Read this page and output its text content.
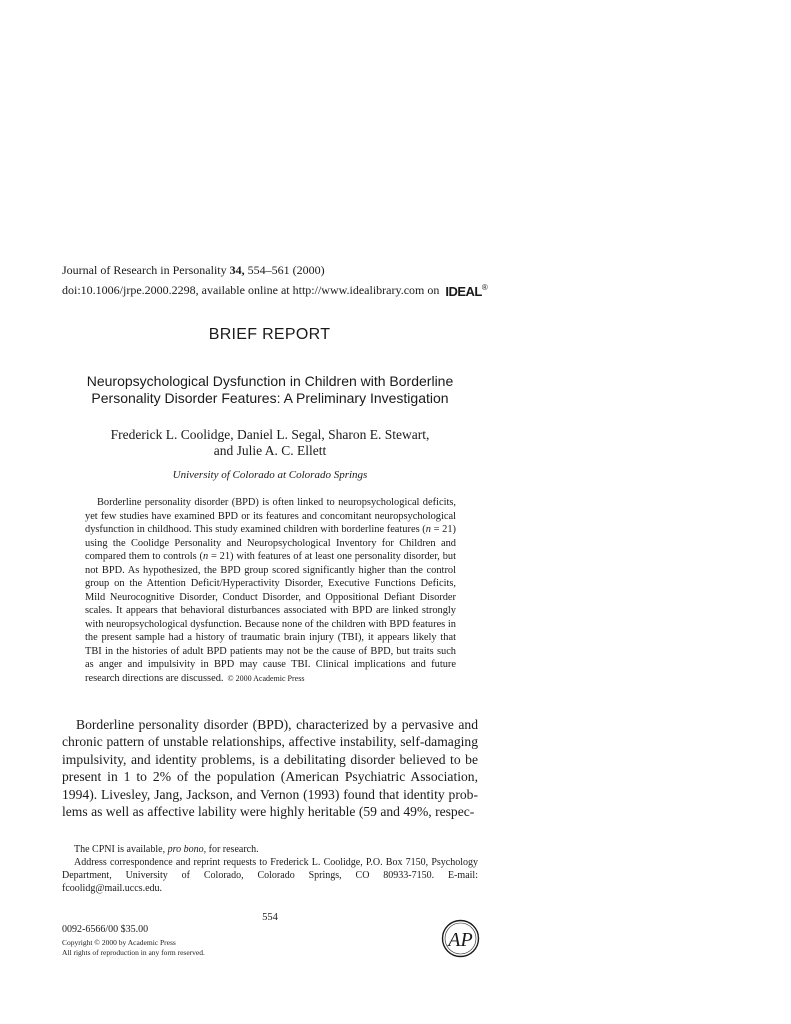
Journal of Research in Personality 34, 554–561 (2000)
doi:10.1006/jrpe.2000.2298, available online at http://www.idealibrary.com on IDEAL®
BRIEF REPORT
Neuropsychological Dysfunction in Children with Borderline
Personality Disorder Features: A Preliminary Investigation
Frederick L. Coolidge, Daniel L. Segal, Sharon E. Stewart,
and Julie A. C. Ellett
University of Colorado at Colorado Springs
Borderline personality disorder (BPD) is often linked to neuropsychological deficits, yet few studies have examined BPD or its features and concomitant neuropsychological dysfunction in childhood. This study examined children with borderline features (n = 21) using the Coolidge Personality and Neuropsychological Inventory for Children and compared them to controls (n = 21) with features of at least one personality disorder, but not BPD. As hypothesized, the BPD group scored significantly higher than the control group on the Attention Deficit/Hyperactivity Disorder, Executive Functions Deficits, Mild Neurocognitive Disorder, Conduct Disorder, and Oppositional Defiant Disorder scales. It appears that behavioral disturbances associated with BPD are linked strongly with neuropsychological dysfunction. Because none of the children with BPD features in the present sample had a history of traumatic brain injury (TBI), it appears likely that TBI in the histories of adult BPD patients may not be the cause of BPD, but traits such as anger and impulsivity in BPD may cause TBI. Clinical implications and future research directions are discussed. © 2000 Academic Press
Borderline personality disorder (BPD), characterized by a pervasive and chronic pattern of unstable relationships, affective instability, self-damaging impulsivity, and identity problems, is a debilitating disorder believed to be present in 1 to 2% of the population (American Psychiatric Association, 1994). Livesley, Jang, Jackson, and Vernon (1993) found that identity problems as well as affective lability were highly heritable (59 and 49%, respec-

The CPNI is available, pro bono, for research.

Address correspondence and reprint requests to Frederick L. Coolidge, P.O. Box 7150, Psychology Department, University of Colorado, Colorado Springs, CO 80933-7150. E-mail: fcoolidg@mail.uccs.edu.

554
0092-6566/00 $35.00
Copyright © 2000 by Academic Press
All rights of reproduction in any form reserved.
AP
